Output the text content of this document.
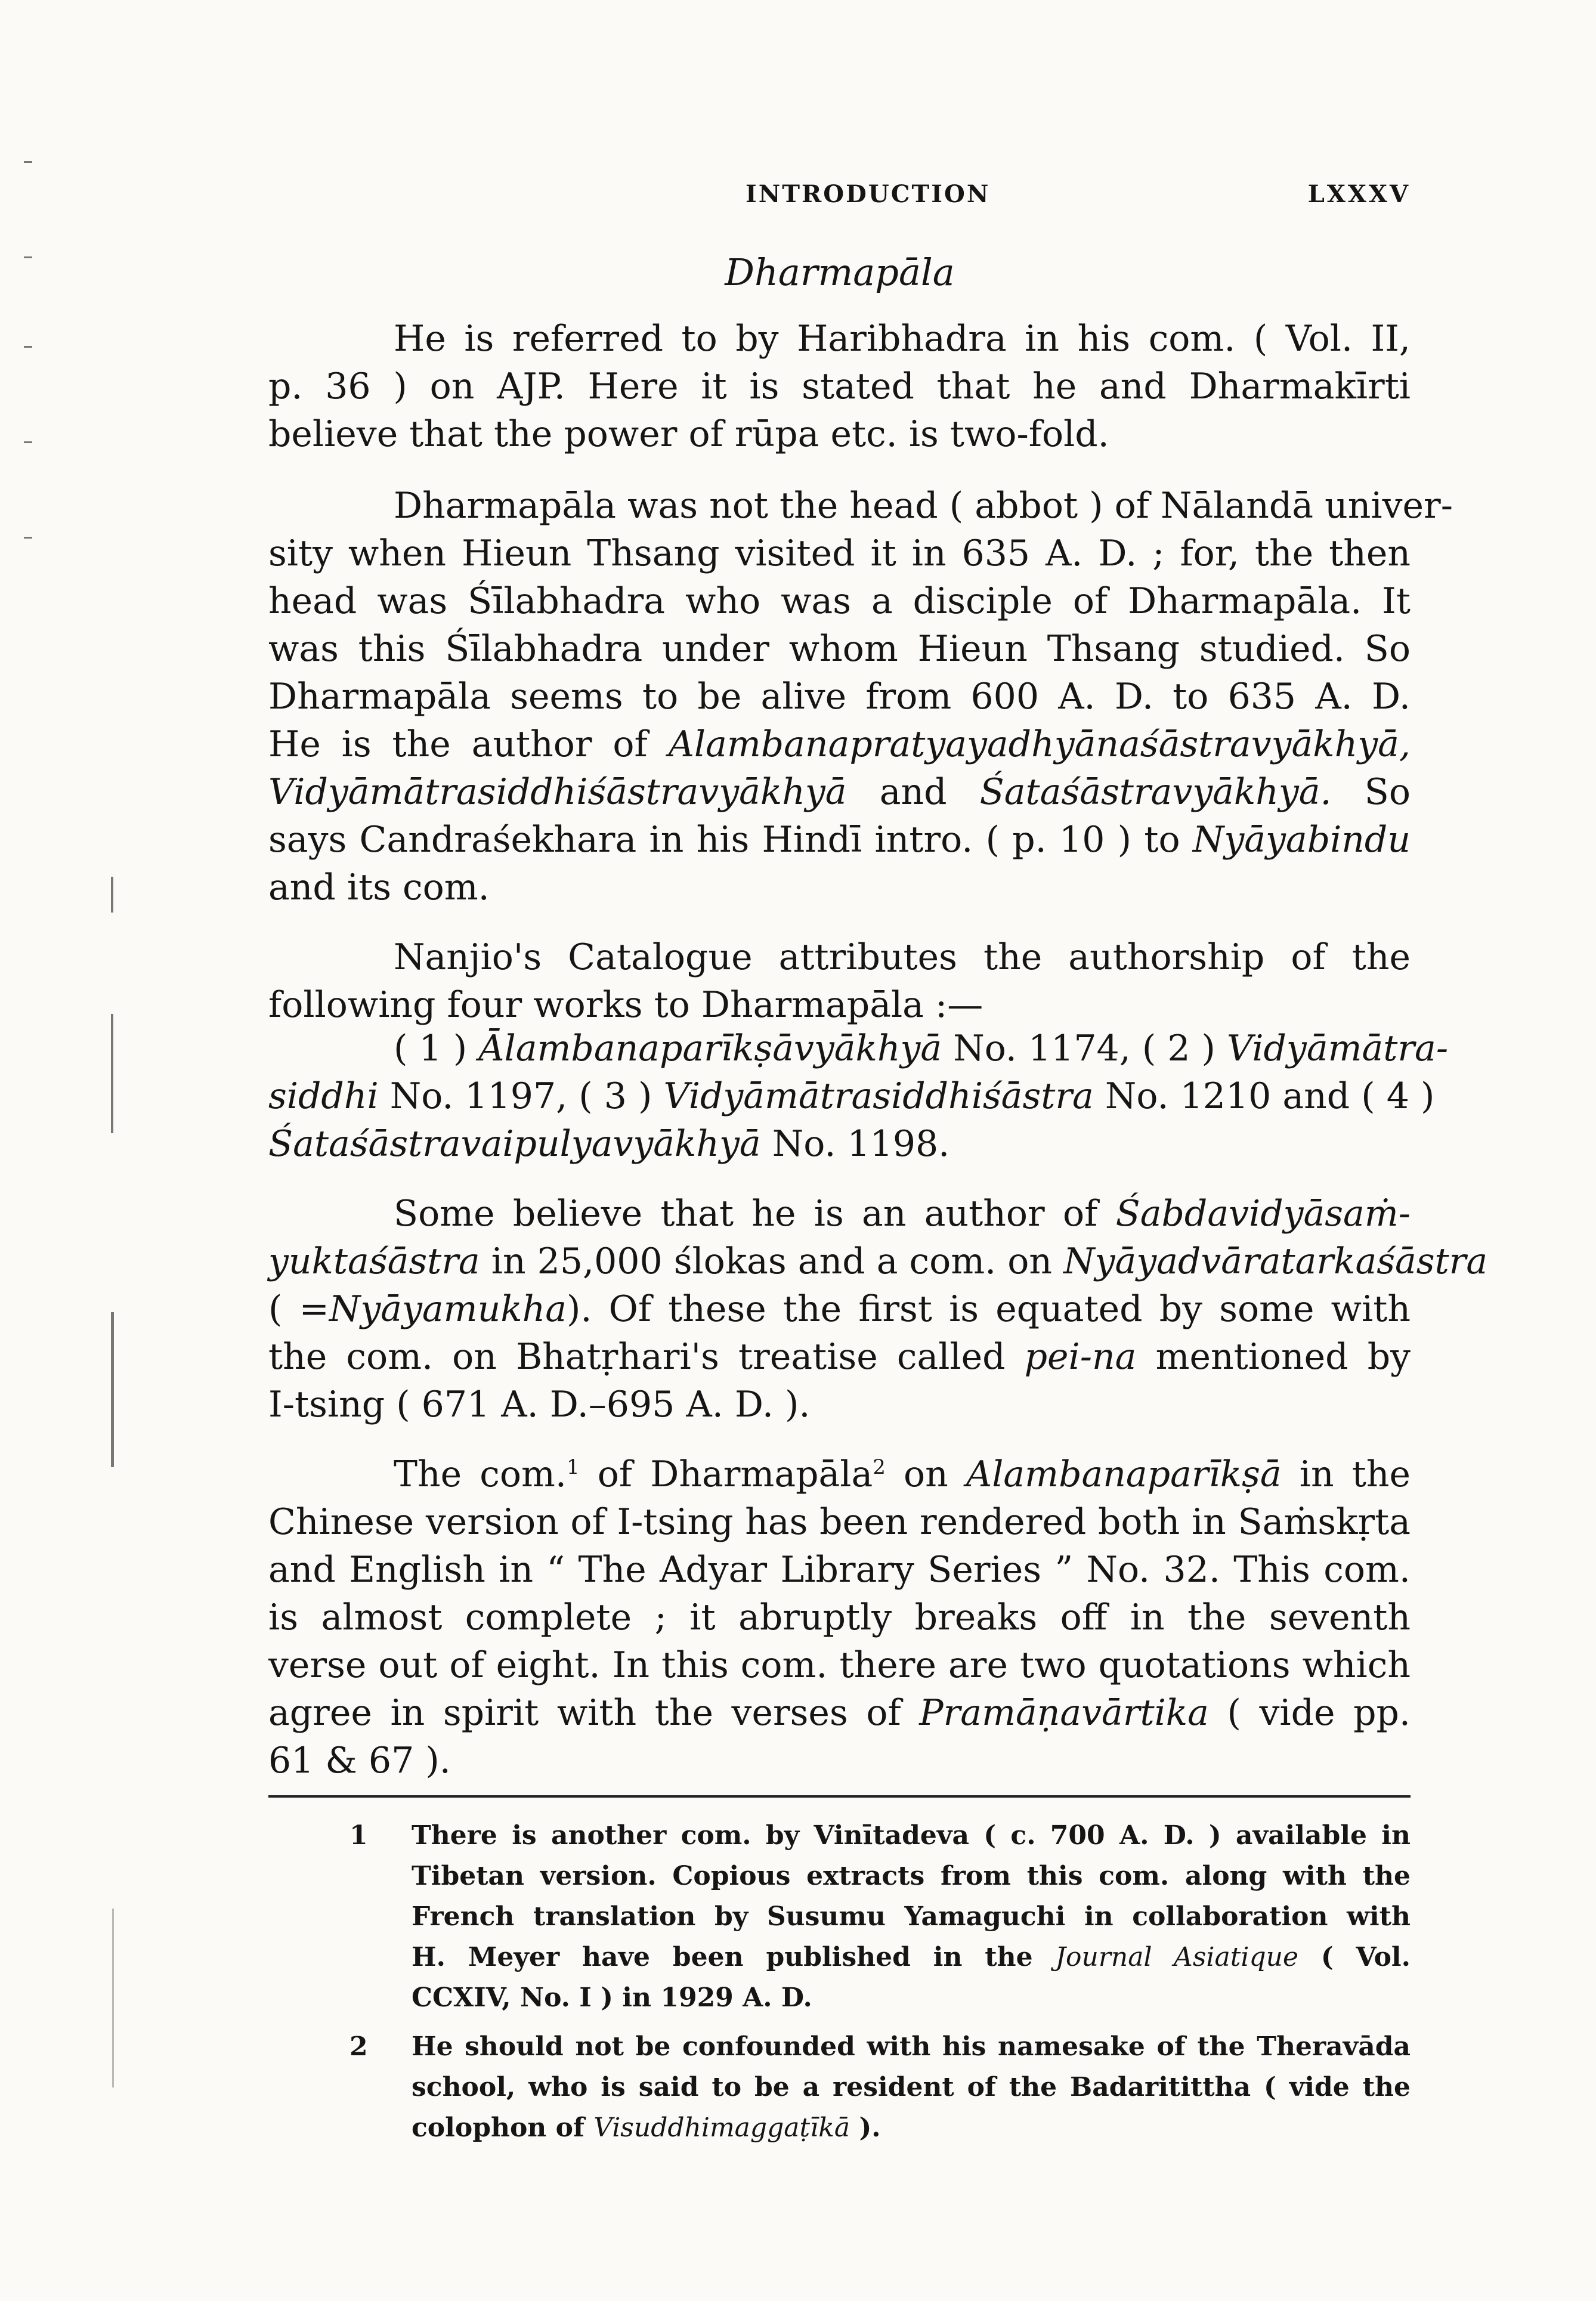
INTRODUCTION	LXXXV
Dharmapāla

He is referred to by Haribhadra in his com. ( Vol. II,
p. 36 ) on AJP. Here it is stated that he and Dharmakīrti
believe that the power of rūpa etc. is two-fold.

Dharmapāla was not the head ( abbot ) of Nālandā univer-
sity when Hieun Thsang visited it in 635 A. D. ; for, the then
head was Śīlabhadra who was a disciple of Dharmapāla. It
was this Śīlabhadra under whom Hieun Thsang studied. So
Dharmapāla seems to be alive from 600 A. D. to 635 A. D.
He is the author of Alambanapratyayadhyānaśāstravyākhyā,
Vidyāmātrasiddhiśāstravyākhyā and Śataśāstravyākhyā. So
says Candraśekhara in his Hindī intro. ( p. 10 ) to Nyāyabindu
and its com.

Nanjio's Catalogue attributes the authorship of the
following four works to Dharmapāla :—

( 1 ) Ālambanaparīkṣāvyākhyā No. 1174, ( 2 ) Vidyāmātra-
siddhi No. 1197, ( 3 ) Vidyāmātrasiddhiśāstra No. 1210 and ( 4 )
Śataśāstravaipulyavyākhyā No. 1198.

Some believe that he is an author of Śabdavidyāsaṁ-
yuktaśāstra in 25,000 ślokas and a com. on Nyāyadvāratarkaśāstra
( =Nyāyamukha). Of these the first is equated by some with
the com. on Bhatṛhari's treatise called pei-na mentioned by
I-tsing ( 671 A. D.–695 A. D. ).

The com.$^1$ of Dharmapāla$^2$ on Alambanaparīkṣā in the
Chinese version of I-tsing has been rendered both in Saṁskṛta
and English in “ The Adyar Library Series ” No. 32. This com.
is almost complete ; it abruptly breaks off in the seventh
verse out of eight. In this com. there are two quotations which
agree in spirit with the verses of Pramāṇavārtika ( vide pp.
61 & 67 ).

1 There is another com. by Vinītadeva ( c. 700 A. D. ) available in
Tibetan version. Copious extracts from this com. along with the
French translation by Susumu Yamaguchi in collaboration with
H. Meyer have been published in the Journal Asiatique ( Vol.
CCXIV, No. I ) in 1929 A. D.
2 He should not be confounded with his namesake of the Theravāda
school, who is said to be a resident of the Badaritittha ( vide the
colophon of Visuddhimaggaṭīkā ).
